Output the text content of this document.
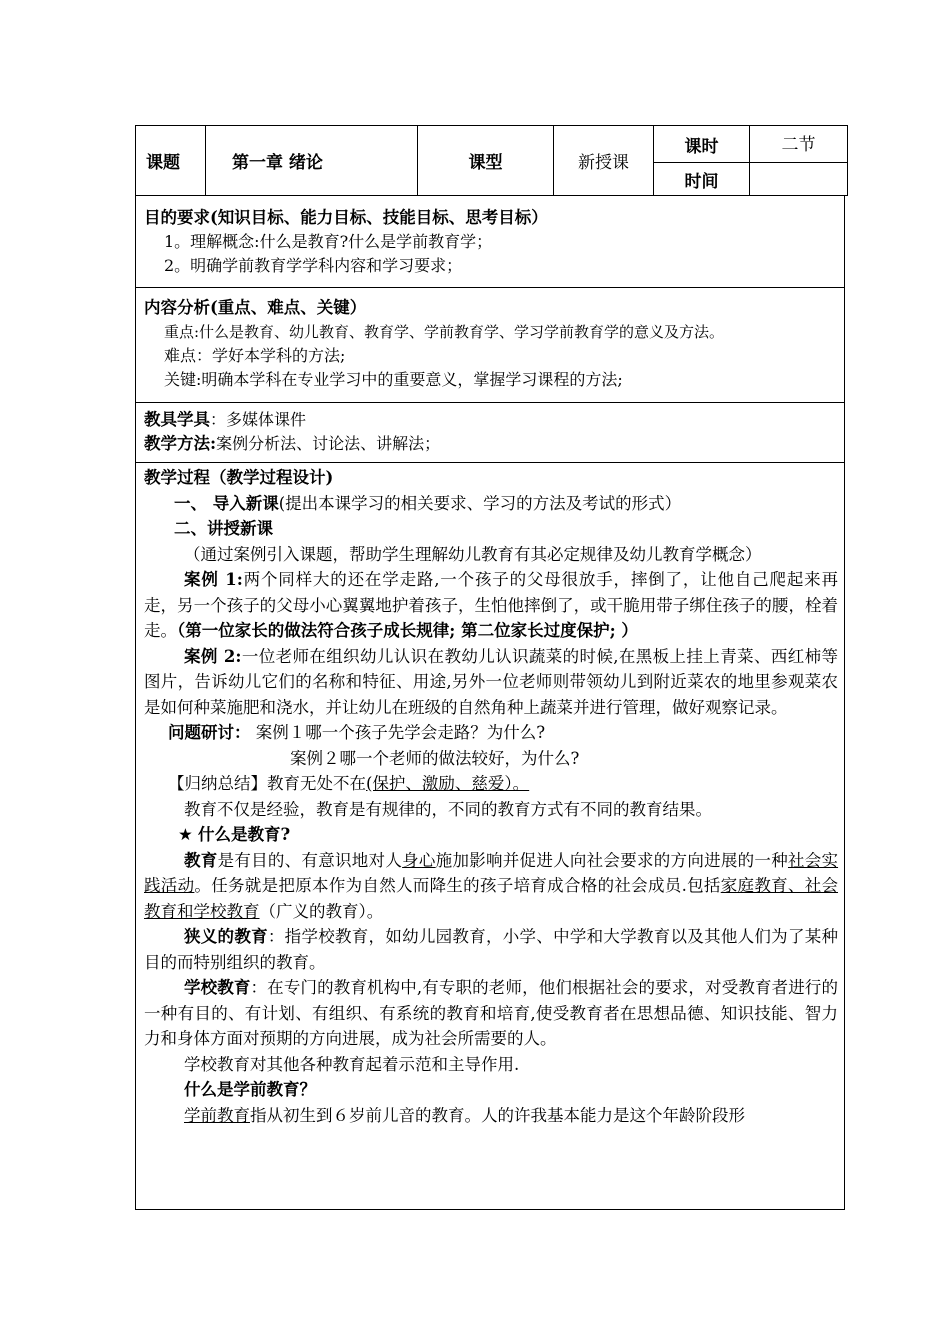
课题	第一章 绪论	课型	新授课	课时	二节
				时间	

目的要求(知识目标、能力目标、技能目标、思考目标）

1。理解概念:什么是教育?什么是学前教育学；

2。明确学前教育学学科内容和学习要求；

内容分析(重点、难点、关键）

重点:什么是教育、幼儿教育、教育学、学前教育学、学习学前教育学的意义及方法。

难点：学好本学科的方法;

关键:明确本学科在专业学习中的重要意义，掌握学习课程的方法;

教具学具：多媒体课件

教学方法:案例分析法、讨论法、讲解法；

教学过程（教学过程设计)

一、 导入新课(提出本课学习的相关要求、学习的方法及考试的形式）

二、讲授新课

（通过案例引入课题，帮助学生理解幼儿教育有其必定规律及幼儿教育学概念）

案例 1:两个同样大的还在学走路,一个孩子的父母很放手，摔倒了，让他自己爬起来再走，另一个孩子的父母小心翼翼地护着孩子，生怕他摔倒了，或干脆用带子绑住孩子的腰，栓着走。（第一位家长的做法符合孩子成长规律; 第二位家长过度保护; ）

案例 2:一位老师在组织幼儿认识在教幼儿认识蔬菜的时候,在黑板上挂上青菜、西红柿等图片，告诉幼儿它们的名称和特征、用途,另外一位老师则带领幼儿到附近菜农的地里参观菜农是如何种菜施肥和浇水，并让幼儿在班级的自然角种上蔬菜并进行管理，做好观察记录。

问题研讨： 案例１哪一个孩子先学会走路？为什么?

案例２哪一个老师的做法较好，为什么?

【归纳总结】教育无处不在(保护、激励、慈爱）。

教育不仅是经验，教育是有规律的，不同的教育方式有不同的教育结果。

★ 什么是教育?

教育是有目的、有意识地对人身心施加影响并促进人向社会要求的方向进展的一种社会实践活动。任务就是把原本作为自然人而降生的孩子培育成合格的社会成员.包括家庭教育、社会教育和学校教育（广义的教育）。

狭义的教育：指学校教育，如幼儿园教育，小学、中学和大学教育以及其他人们为了某种目的而特别组织的教育。

学校教育：在专门的教育机构中,有专职的老师，他们根据社会的要求，对受教育者进行的一种有目的、有计划、有组织、有系统的教育和培育,使受教育者在思想品德、知识技能、智力力和身体方面对预期的方向进展，成为社会所需要的人。

学校教育对其他各种教育起着示范和主导作用.

什么是学前教育？

学前教育指从初生到６岁前儿音的教育。人的许我基本能力是这个年龄阶段形
